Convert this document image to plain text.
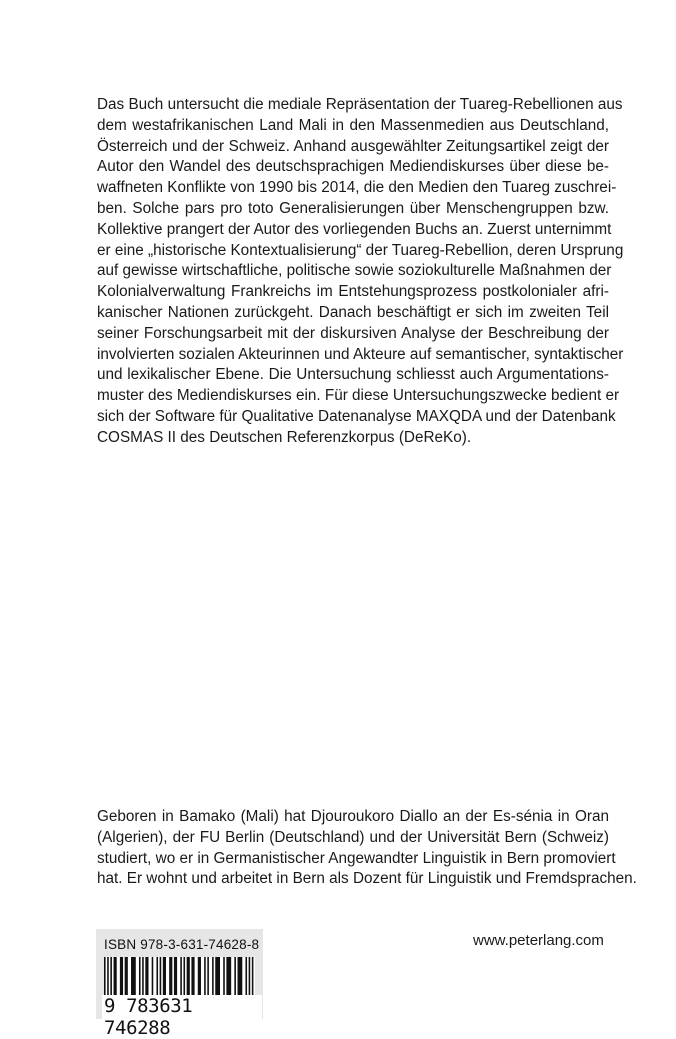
Das Buch untersucht die mediale Repräsentation der Tuareg-Rebellionen aus
dem westafrikanischen Land Mali in den Massenmedien aus Deutschland,
Österreich und der Schweiz. Anhand ausgewählter Zeitungsartikel zeigt der
Autor den Wandel des deutschsprachigen Mediendiskurses über diese be-
waffneten Konflikte von 1990 bis 2014, die den Medien den Tuareg zuschrei-
ben. Solche pars pro toto Generalisierungen über Menschengruppen bzw.
Kollektive prangert der Autor des vorliegenden Buchs an. Zuerst unternimmt
er eine „historische Kontextualisierung“ der Tuareg-Rebellion, deren Ursprung
auf gewisse wirtschaftliche, politische sowie soziokulturelle Maßnahmen der
Kolonialverwaltung Frankreichs im Entstehungsprozess postkolonialer afri-
kanischer Nationen zurückgeht. Danach beschäftigt er sich im zweiten Teil
seiner Forschungsarbeit mit der diskursiven Analyse der Beschreibung der
involvierten sozialen Akteurinnen und Akteure auf semantischer, syntaktischer
und lexikalischer Ebene. Die Untersuchung schliesst auch Argumentations-
muster des Mediendiskurses ein. Für diese Untersuchungszwecke bedient er
sich der Software für Qualitative Datenanalyse MAXQDA und der Datenbank
COSMAS II des Deutschen Referenzkorpus (DeReKo).
Geboren in Bamako (Mali) hat Djouroukoro Diallo an der Es-sénia in Oran
(Algerien), der FU Berlin (Deutschland) und der Universität Bern (Schweiz)
studiert, wo er in Germanistischer Angewandter Linguistik in Bern promoviert
hat. Er wohnt und arbeitet in Bern als Dozent für Linguistik und Fremdsprachen.
ISBN 978-3-631-74628-8
9 783631 746288
www.peterlang.com
